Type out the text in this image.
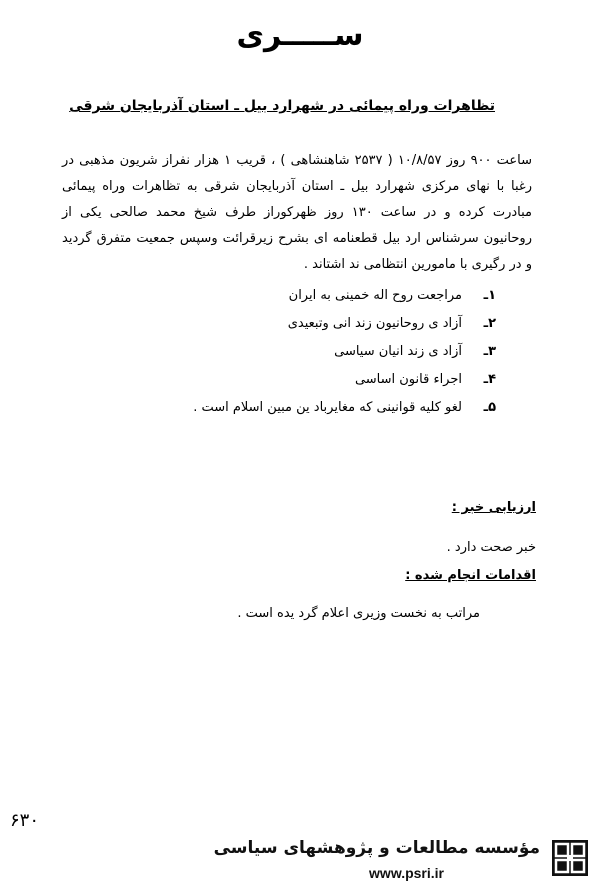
ســـــری
تظاهرات وراه پیمائی در شهرارد بیل ـ استان آذربایجان شرقی
ساعت ۹۰۰ روز ۱۰/۸/۵۷ ( ۲۵۳۷ شاهنشاهی ) ، قریب ۱ هزار نفراز شریون مذهبی در رغبا با نهای مرکزی شهرارد بیل ـ استان آذربایجان شرقی به تظاهرات وراه پیمائی مبادرت کرده و در ساعت ۱۳۰ روز ظهرکوراز طرف شیخ محمد صالحی یکی از روحانیون سرشناس ارد بیل قطعنامه ای بشرح زیرقرائت وسپس جمعیت متفرق گردید و در رگیری با مامورین انتظامی ند اشتاند .
۱ـ
مراجعت روح اله خمینی به ایران
۲ـ
آزاد ی روحانیون زند انی وتبعیدی
۳ـ
آزاد ی زند انیان سیاسی
۴ـ
اجراء قانون اساسی
۵ـ
لغو کلیه قوانینی که مغایرباد ین مبین اسلام است .
ارزیابی خبر :
خبر صحت دارد .
اقدامات انجام شده :
مراتب به نخست وزیری اعلام گرد یده است .
۶۳۰
مؤسسه مطالعات و پژوهشهای سیاسی
www.psri.ir
